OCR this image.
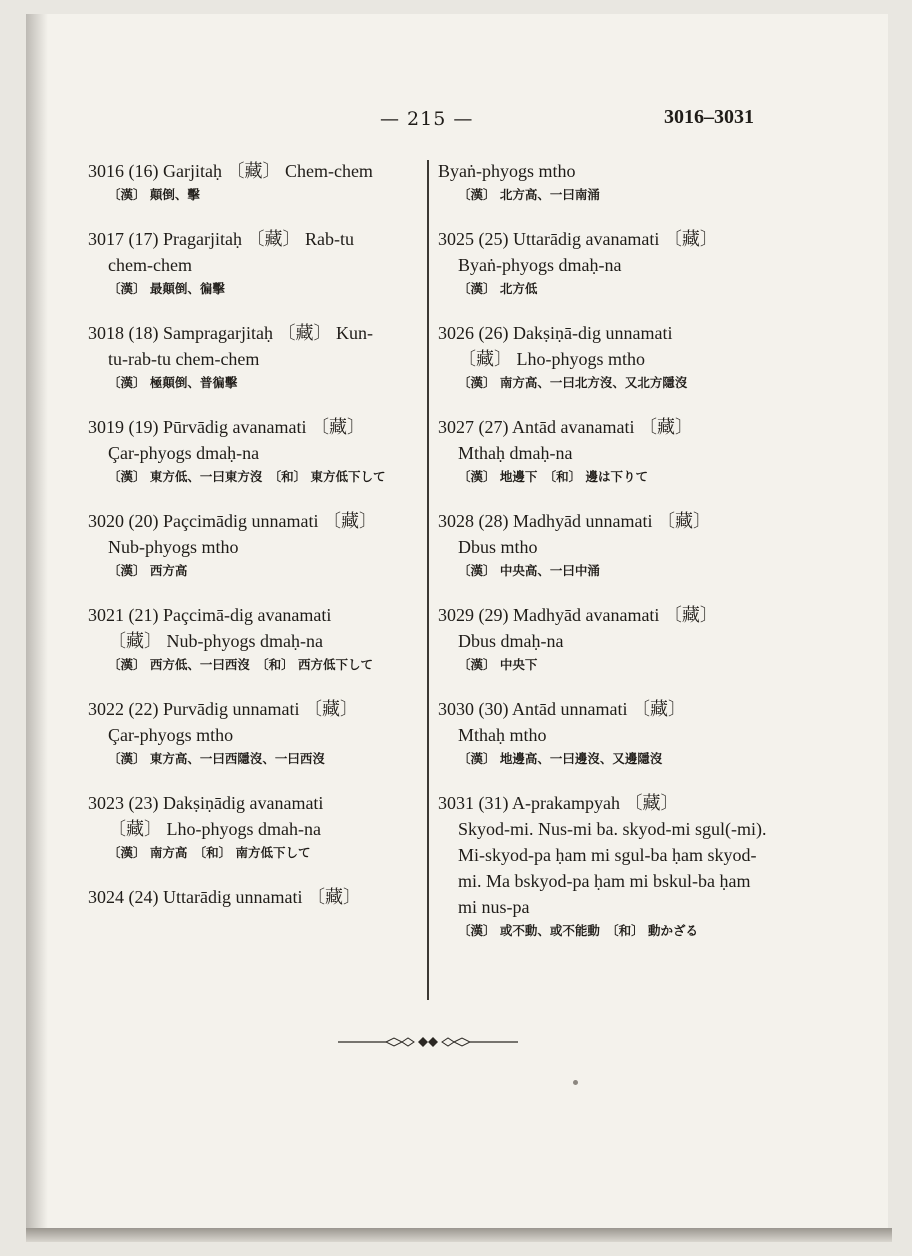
— 215 —	3016–3031

3016 (16) Garjitaḥ 〔藏〕 Chem-chem

〔漢〕 顛倒、擊

3017 (17) Pragarjitaḥ 〔藏〕 Rab-tu

chem-chem

〔漢〕 最顛倒、徧擊

3018 (18) Sampragarjitaḥ 〔藏〕 Kun-

tu-rab-tu chem-chem

〔漢〕 極顛倒、普徧擊

3019 (19) Pūrvādig avanamati 〔藏〕

Çar-phyogs dmaḥ-na

〔漢〕 東方低、一曰東方沒　〔和〕 東方低下して

3020 (20) Paçcimādig unnamati 〔藏〕

Nub-phyogs mtho

〔漢〕 西方高

3021 (21) Paçcimā-dig avanamati

〔藏〕 Nub-phyogs dmaḥ-na

〔漢〕 西方低、一曰西沒　〔和〕 西方低下して

3022 (22) Purvādig unnamati 〔藏〕

Çar-phyogs mtho

〔漢〕 東方高、一曰西隱沒、一曰西沒

3023 (23) Dakṣiṇādig avanamati

〔藏〕 Lho-phyogs dmah-na

〔漢〕 南方高　〔和〕 南方低下して

3024 (24) Uttarādig unnamati 〔藏〕

Byaṅ-phyogs mtho

〔漢〕 北方高、一曰南涌

3025 (25) Uttarādig avanamati 〔藏〕

Byaṅ-phyogs dmaḥ-na

〔漢〕 北方低

3026 (26) Dakṣiṇā-dig unnamati

〔藏〕 Lho-phyogs mtho

〔漢〕 南方高、一曰北方沒、又北方隱沒

3027 (27) Antād avanamati 〔藏〕

Mthaḥ dmaḥ-na

〔漢〕 地邊下　〔和〕 邊は下りて

3028 (28) Madhyād unnamati 〔藏〕

Dbus mtho

〔漢〕 中央高、一曰中涌

3029 (29) Madhyād avanamati 〔藏〕

Dbus dmaḥ-na

〔漢〕 中央下

3030 (30) Antād unnamati 〔藏〕

Mthaḥ mtho

〔漢〕 地邊高、一曰邊沒、又邊隱沒

3031 (31) A-prakampyah 〔藏〕

Skyod-mi. Nus-mi ba. skyod-mi sgul(-mi). Mi-skyod-pa ḥam mi sgul-ba ḥam skyod-mi. Ma bskyod-pa ḥam mi bskul-ba ḥam mi nus-pa

〔漢〕 或不動、或不能動　〔和〕 動かざる
